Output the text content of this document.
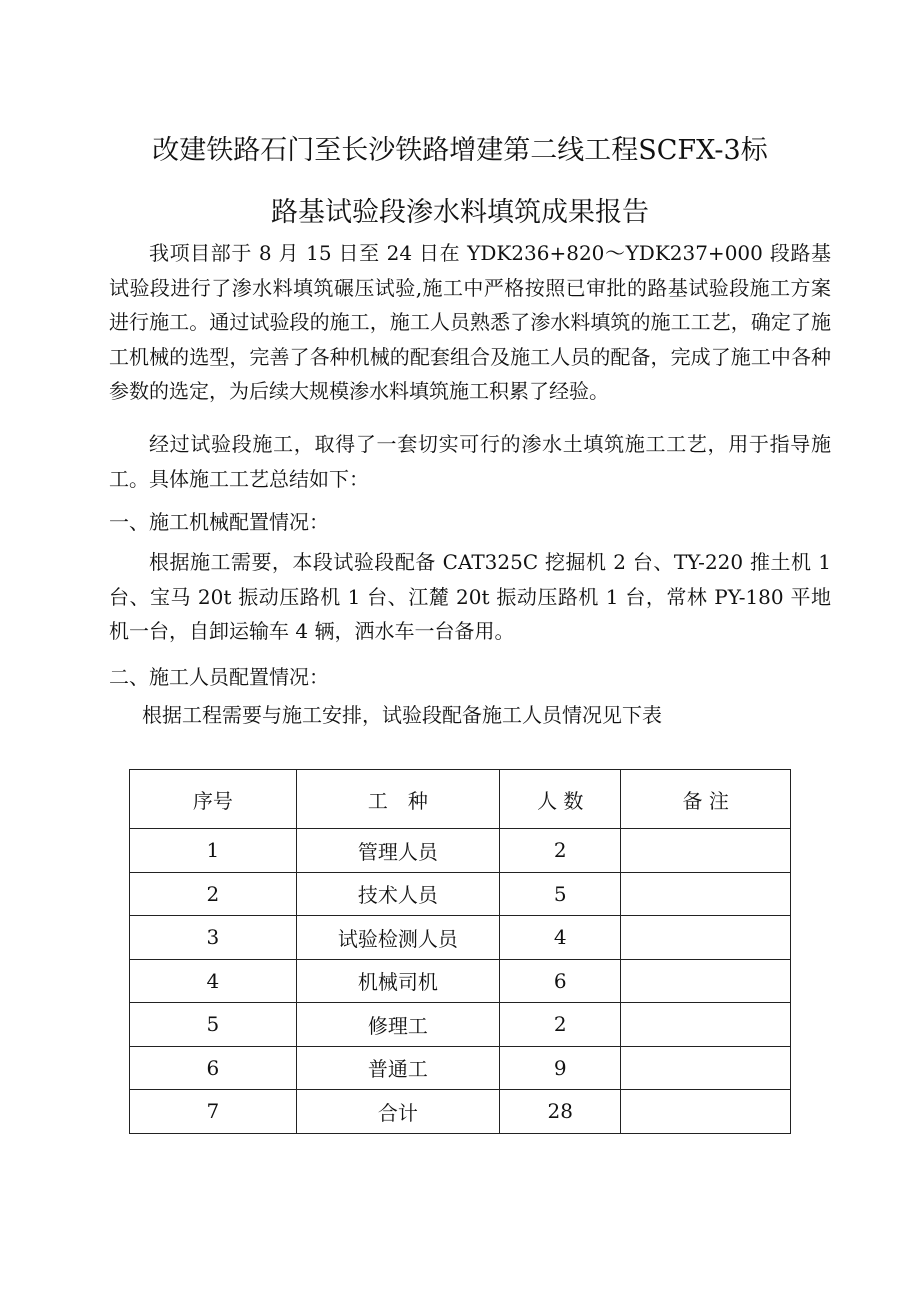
改建铁路石门至长沙铁路增建第二线工程SCFX-3标
路基试验段渗水料填筑成果报告

我项目部于 8 月 15 日至 24 日在 YDK236+820～YDK237+000 段路基试验段进行了渗水料填筑碾压试验,施工中严格按照已审批的路基试验段施工方案进行施工。通过试验段的施工，施工人员熟悉了渗水料填筑的施工工艺，确定了施工机械的选型，完善了各种机械的配套组合及施工人员的配备，完成了施工中各种参数的选定，为后续大规模渗水料填筑施工积累了经验。

经过试验段施工，取得了一套切实可行的渗水土填筑施工工艺，用于指导施工。具体施工工艺总结如下：

一、施工机械配置情况：

根据施工需要，本段试验段配备 CAT325C 挖掘机 2 台、TY-220 推土机 1 台、宝马 20t 振动压路机 1 台、江麓 20t 振动压路机 1 台，常林 PY-180 平地机一台，自卸运输车 4 辆，洒水车一台备用。

二、施工人员配置情况：
根据工程需要与施工安排，试验段配备施工人员情况见下表
序号	工　种	人 数	备 注
1	管理人员	2	
2	技术人员	5	
3	试验检测人员	4	
4	机械司机	6	
5	修理工	2	
6	普通工	9	
7	合计	28	
